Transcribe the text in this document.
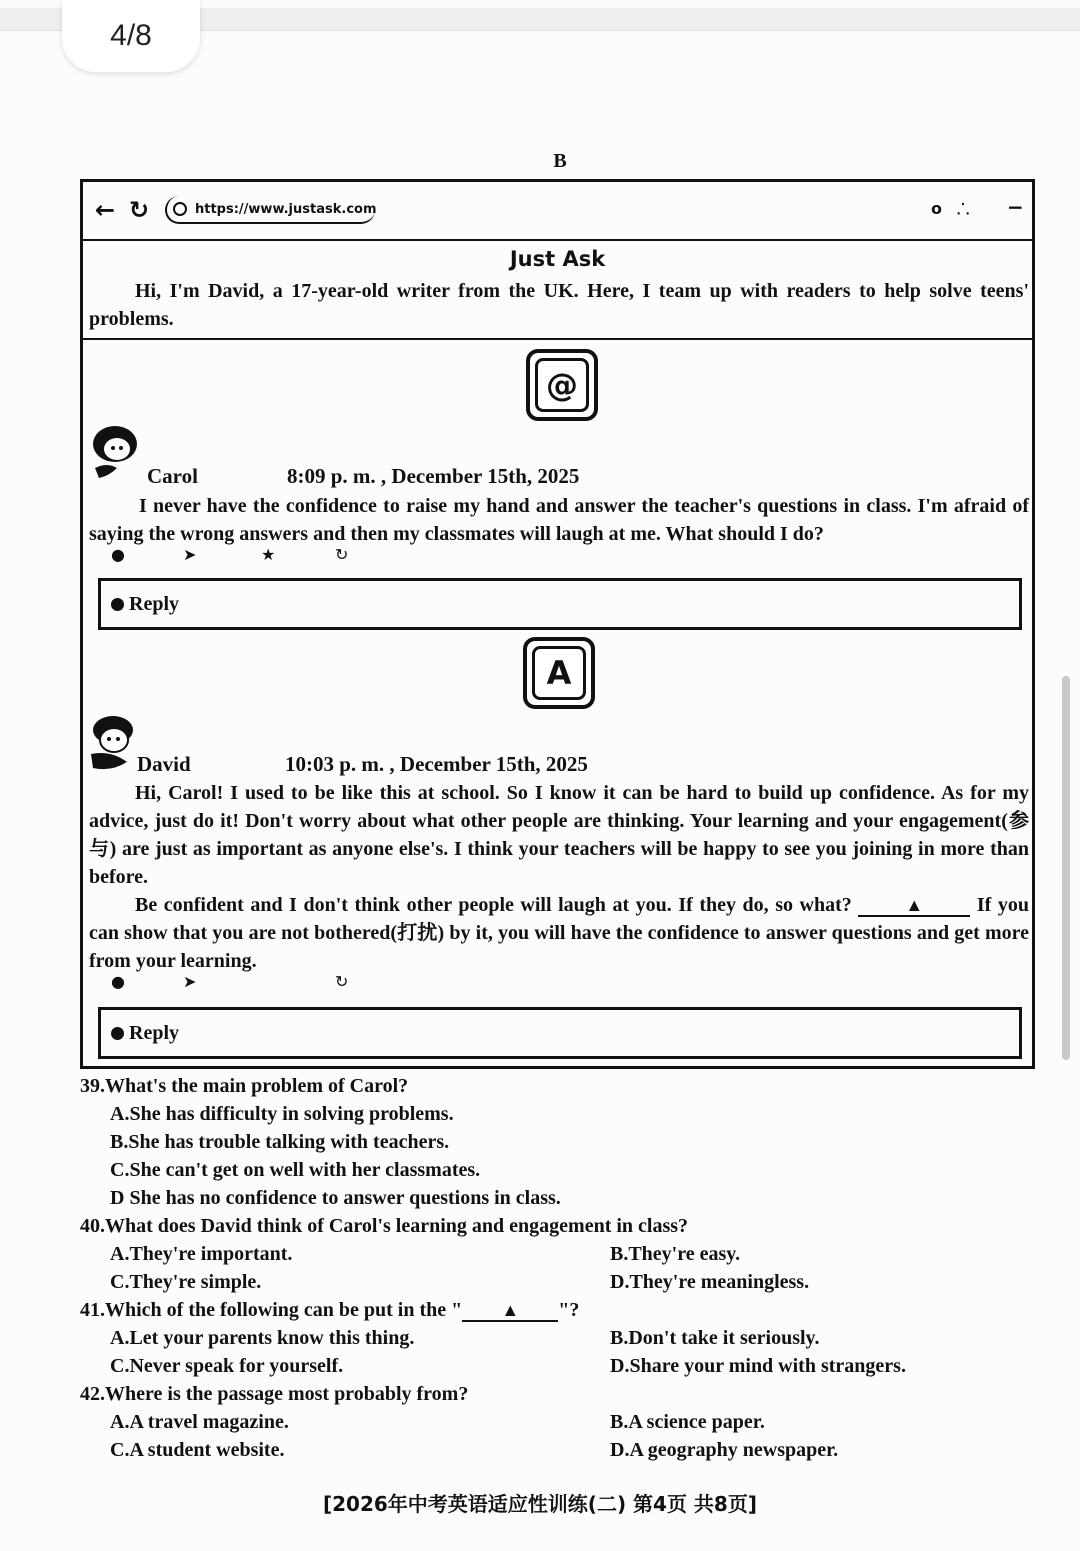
4/8
B
← ↻	https://www.justask.com	o ⸫ −
Just Ask
Hi, I'm David, a 17-year-old writer from the UK. Here, I team up with readers to help solve teens' problems.
@
Carol	8:09 p. m. , December 15th, 2025
I never have the confidence to raise my hand and answer the teacher's questions in class. I'm afraid of saying the wrong answers and then my classmates will laugh at me. What should I do?
●	➤	★	↻
Reply
A
David	10:03 p. m. , December 15th, 2025
Hi, Carol! I used to be like this at school. So I know it can be hard to build up confidence. As for my advice, just do it! Don't worry about what other people are thinking. Your learning and your engagement(参与) are just as important as anyone else's. I think your teachers will be happy to see you joining in more than before.
Be confident and I don't think other people will laugh at you. If they do, so what?	▲	If you can show that you are not bothered(打扰) by it, you will have the confidence to answer questions and get more from your learning.
●	➤	↻
Reply
39.What's the main problem of Carol?
A.She has difficulty in solving problems.
B.She has trouble talking with teachers.
C.She can't get on well with her classmates.
D She has no confidence to answer questions in class.
40.What does David think of Carol's learning and engagement in class?
A.They're important.	B.They're easy.
C.They're simple.	D.They're meaningless.
41.Which of the following can be put in the " ▲ "?
A.Let your parents know this thing.	B.Don't take it seriously.
C.Never speak for yourself.	D.Share your mind with strangers.
42.Where is the passage most probably from?
A.A travel magazine.	B.A science paper.
C.A student website.	D.A geography newspaper.
[2026年中考英语适应性训练(二) 第4页 共8页]
